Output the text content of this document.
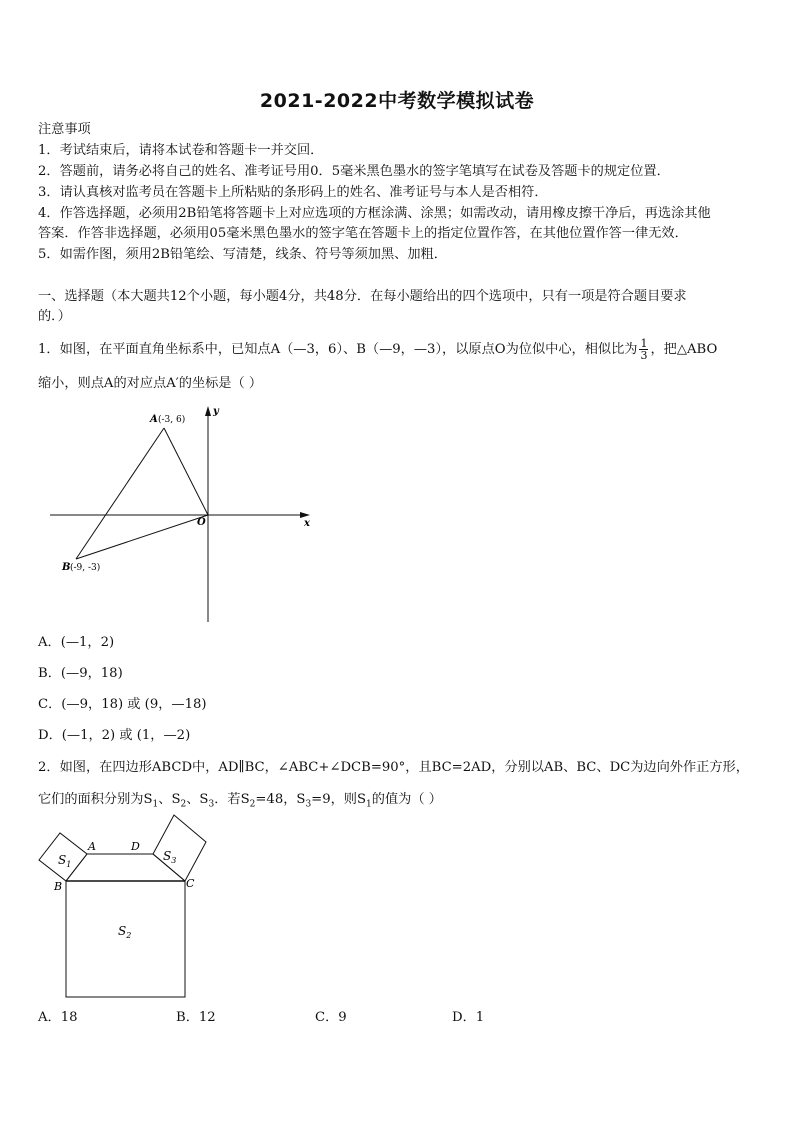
2021-2022中考数学模拟试卷
注意事项
1．考试结束后，请将本试卷和答题卡一并交回．
2．答题前，请务必将自己的姓名、准考证号用0．5毫米黑色墨水的签字笔填写在试卷及答题卡的规定位置．
3．请认真核对监考员在答题卡上所粘贴的条形码上的姓名、准考证号与本人是否相符．
4．作答选择题，必须用2B铅笔将答题卡上对应选项的方框涂满、涂黑；如需改动，请用橡皮擦干净后，再选涂其他
答案．作答非选择题，必须用05毫米黑色墨水的签字笔在答题卡上的指定位置作答，在其他位置作答一律无效．
5．如需作图，须用2B铅笔绘、写清楚，线条、符号等须加黑、加粗．
一、选择题（本大题共12个小题，每小题4分，共48分．在每小题给出的四个选项中，只有一项是符合题目要求
的．）
1．如图，在平面直角坐标系中，已知点A（—3，6）、B（—9，—3），以原点O为位似中心，相似比为 $\frac{1}{3}$ ，把△ABO
缩小，则点A的对应点A′的坐标是（ ）
A (-3, 6)
B (-9, -3)
O	x
y
A．(—1，2)
B．(—9，18)
C．(—9，18) 或 (9，—18)
D．(—1，2) 或 (1，—2)
2．如图，在四边形ABCD中，AD∥BC，∠ABC+∠DCB=90°，且BC=2AD，分别以AB、BC、DC为边向外作正方形，
它们的面积分别为$S_1$、$S_2$、$S_3$．若$S_2=48$，$S_3=9$，则$S_1$的值为（ ）
A
B	C
D
$S_1$
$S_2$
$S_3$
A．18	B．12	C．9	D．1
